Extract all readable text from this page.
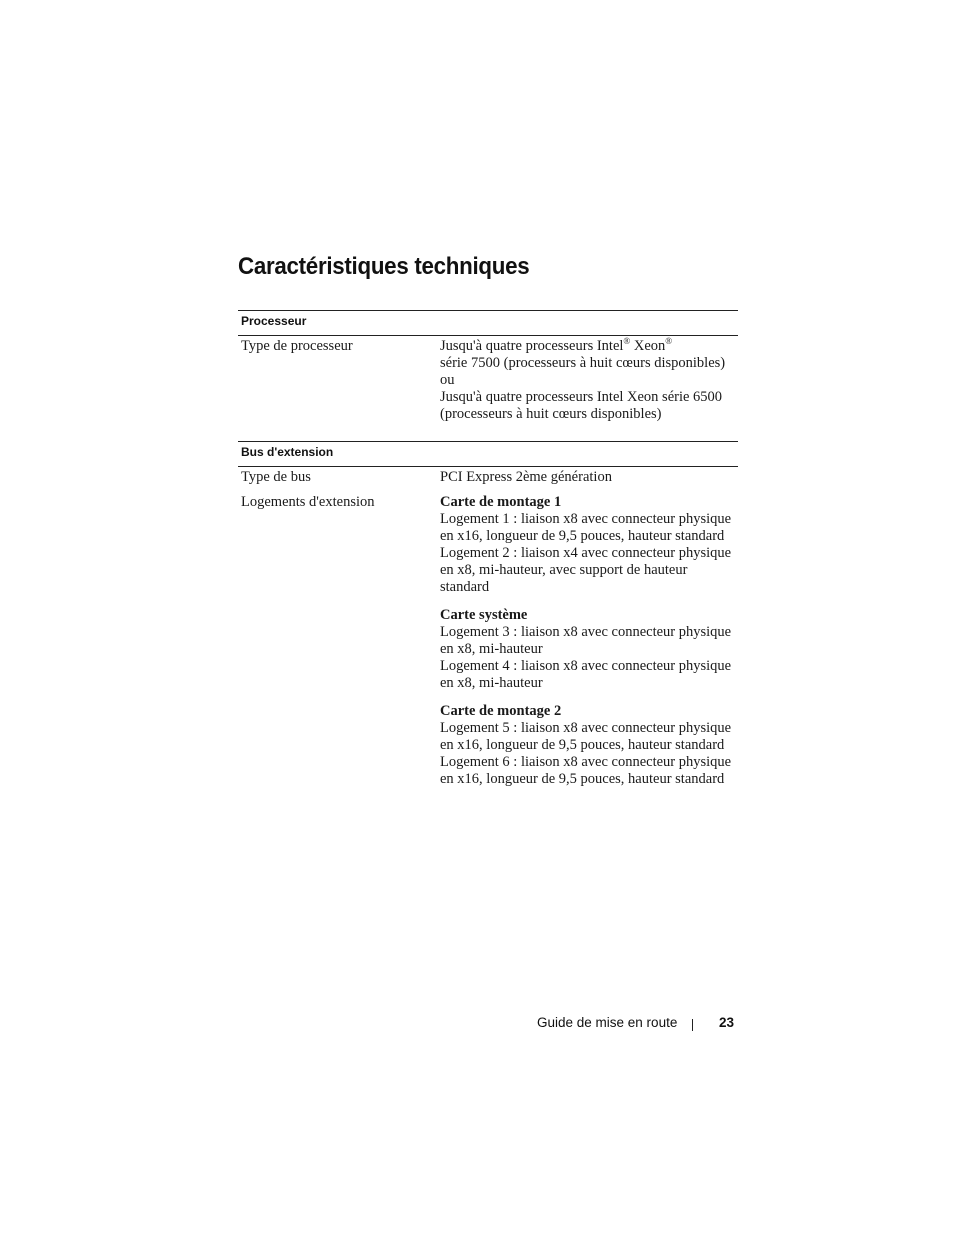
Caractéristiques techniques
Processeur
Type de processeur	Jusqu'à quatre processeurs Intel® Xeon®
série 7500 (processeurs à huit cœurs disponibles)
ou
Jusqu'à quatre processeurs Intel Xeon série 6500
(processeurs à huit cœurs disponibles)
Bus d'extension
Type de bus	PCI Express 2ème génération
Logements d'extension	Carte de montage 1
Logement 1 : liaison x8 avec connecteur physique
en x16, longueur de 9,5 pouces, hauteur standard
Logement 2 : liaison x4 avec connecteur physique
en x8, mi-hauteur, avec support de hauteur
standard
Carte système
Logement 3 : liaison x8 avec connecteur physique
en x8, mi-hauteur
Logement 4 : liaison x8 avec connecteur physique
en x8, mi-hauteur
Carte de montage 2
Logement 5 : liaison x8 avec connecteur physique
en x16, longueur de 9,5 pouces, hauteur standard
Logement 6 : liaison x8 avec connecteur physique
en x16, longueur de 9,5 pouces, hauteur standard
Guide de mise en route	23
